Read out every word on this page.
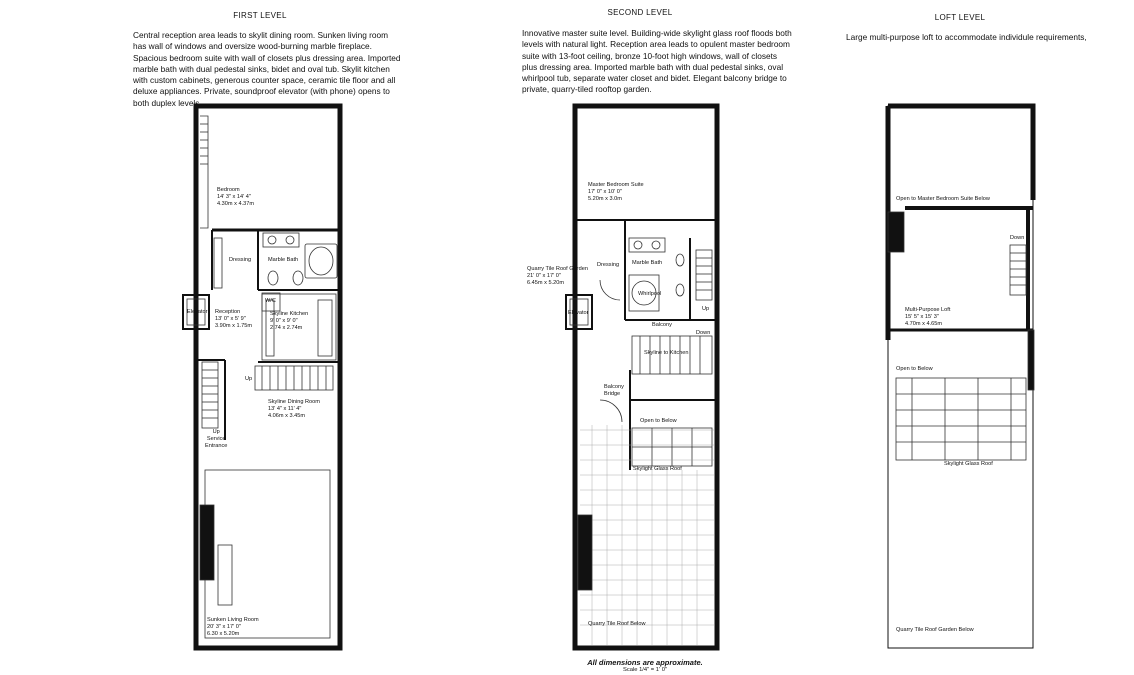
FIRST LEVEL
Central reception area leads to skylit dining room. Sunken living room has wall of windows and oversize wood-burning marble fireplace. Spacious bedroom suite with wall of closets plus dressing area. Imported marble bath with dual pedestal sinks, bidet and oval tub. Skylit kitchen with custom cabinets, generous counter space, ceramic tile floor and all deluxe appliances. Private, soundproof elevator (with phone) opens to both duplex levels.
SECOND LEVEL
Innovative master suite level. Building-wide skylight glass roof floods both levels with natural light. Reception area leads to opulent master bedroom suite with 13-foot ceiling, bronze 10-foot high windows, wall of closets plus dressing area. Imported marble bath with dual pedestal sinks, oval whirlpool tub, separate water closet and bidet. Elegant balcony bridge to private, quarry-tiled rooftop garden.
LOFT LEVEL
Large multi-purpose loft to accommodate individule requirements,
Bedroom
14' 3" x 14' 4"
4.30m x 4.37m
Dressing	Marble Bath
W/C
Elevator Reception
13' 0" x 5' 9"
3.90m x 1.75m
Skyline Kitchen
9' 0" x 9' 0"
2.74 x 2.74m
Up
Skyline Dining Room
13' 4" x 11' 4"
4.06m x 3.45m
Up
Service
Entrance
Sunken Living Room
20' 3" x 17' 0"
6.30 x 5.20m
Master Bedroom Suite
17' 0" x 10' 0"
5.20m x 3.0m
Dressing Marble Bath
Whirlpool
Up
Quarry Tile Roof Garden
21' 0" x 17' 0"
6.45m x 5.20m
Elevator
Balcony
Down
Skyline to Kitchen
Balcony
Bridge
Open to Below
Skylight Glass Roof
Quarry Tile Roof Below
Open to Master Bedroom Suite Below
Down
Multi-Purpose Loft
15' 5" x 15' 3"
4.70m x 4.65m
Open to Below
Skylight Glass Roof
Quarry Tile Roof Garden Below
All dimensions are approximate.
Scale 1/4" = 1' 0"
